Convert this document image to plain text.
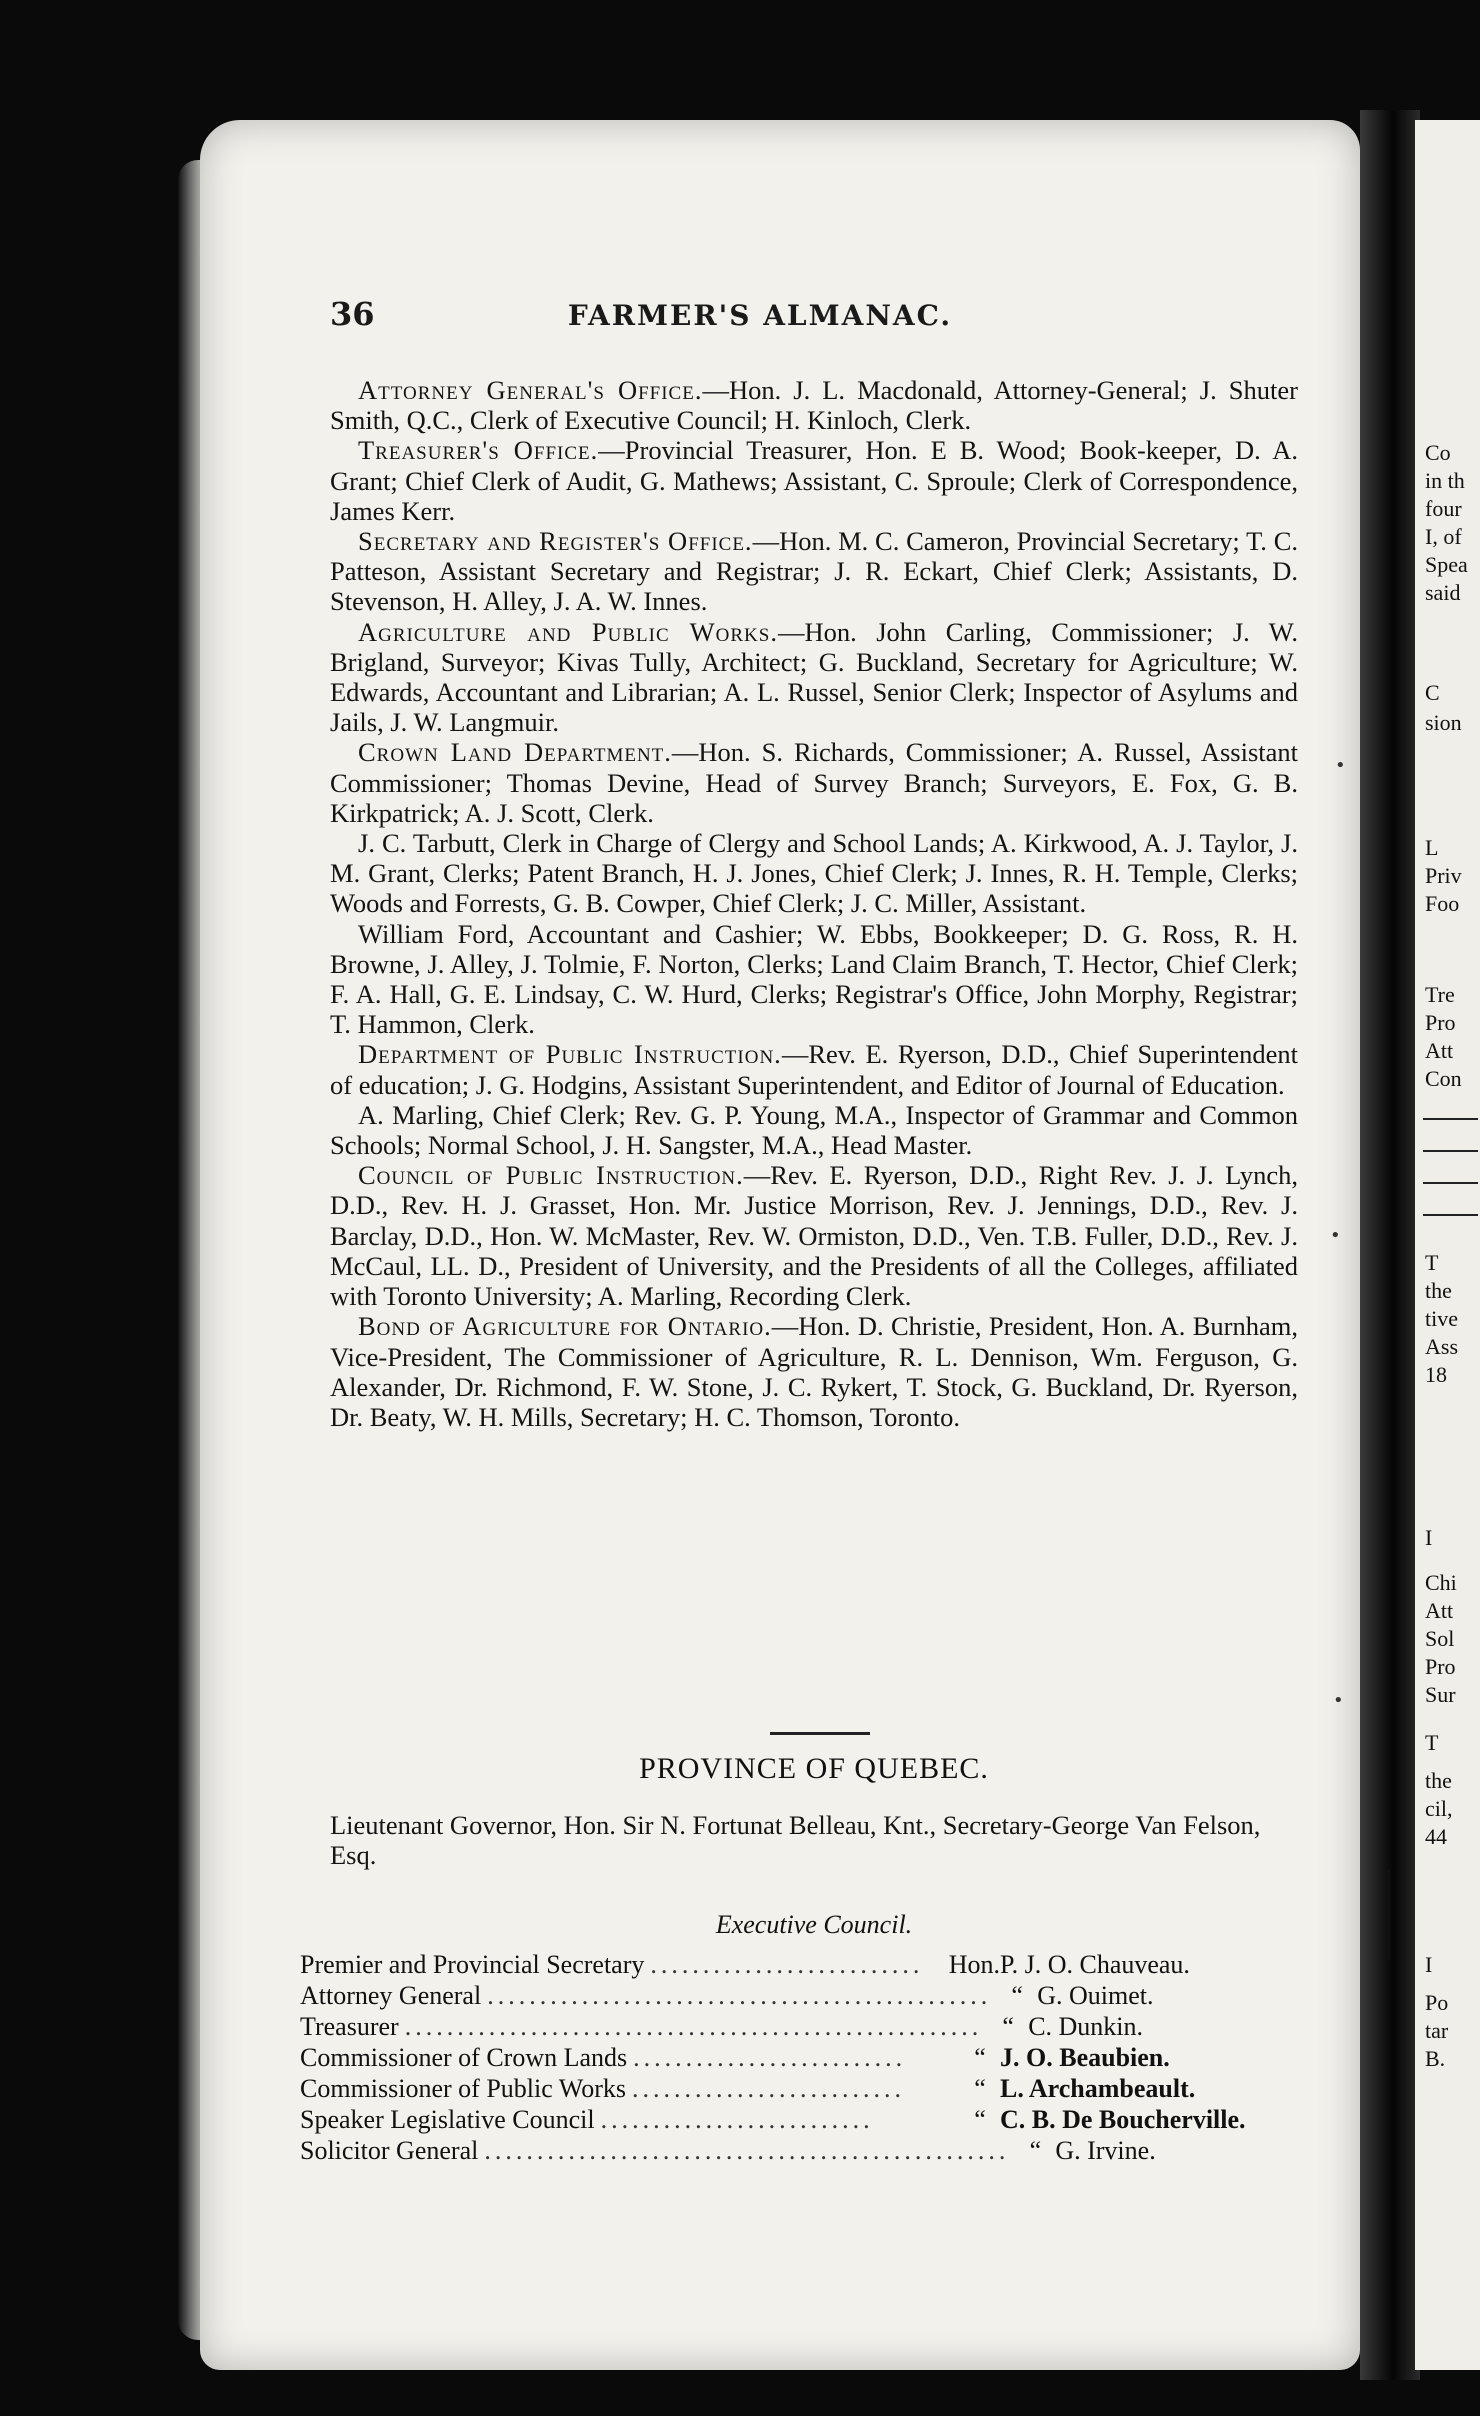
36	FARMER'S ALMANAC.

Attorney General's Office.—Hon. J. L. Macdonald, Attorney-General; J. Shuter Smith, Q.C., Clerk of Executive Council; H. Kinloch, Clerk.

Treasurer's Office.—Provincial Treasurer, Hon. E B. Wood; Book-keeper, D. A. Grant; Chief Clerk of Audit, G. Mathews; Assistant, C. Sproule; Clerk of Correspondence, James Kerr.

Secretary and Register's Office.—Hon. M. C. Cameron, Provincial Secretary; T. C. Patteson, Assistant Secretary and Registrar; J. R. Eckart, Chief Clerk; Assistants, D. Stevenson, H. Alley, J. A. W. Innes.

Agriculture and Public Works.—Hon. John Carling, Commissioner; J. W. Brigland, Surveyor; Kivas Tully, Architect; G. Buckland, Secretary for Agriculture; W. Edwards, Accountant and Librarian; A. L. Russel, Senior Clerk; Inspector of Asylums and Jails, J. W. Langmuir.

Crown Land Department.—Hon. S. Richards, Commissioner; A. Russel, Assistant Commissioner; Thomas Devine, Head of Survey Branch; Surveyors, E. Fox, G. B. Kirkpatrick; A. J. Scott, Clerk.

J. C. Tarbutt, Clerk in Charge of Clergy and School Lands; A. Kirkwood, A. J. Taylor, J. M. Grant, Clerks; Patent Branch, H. J. Jones, Chief Clerk; J. Innes, R. H. Temple, Clerks; Woods and Forrests, G. B. Cowper, Chief Clerk; J. C. Miller, Assistant.

William Ford, Accountant and Cashier; W. Ebbs, Bookkeeper; D. G. Ross, R. H. Browne, J. Alley, J. Tolmie, F. Norton, Clerks; Land Claim Branch, T. Hector, Chief Clerk; F. A. Hall, G. E. Lindsay, C. W. Hurd, Clerks; Registrar's Office, John Morphy, Registrar; T. Hammon, Clerk.

Department of Public Instruction.—Rev. E. Ryerson, D.D., Chief Superintendent of education; J. G. Hodgins, Assistant Superintendent, and Editor of Journal of Education.

A. Marling, Chief Clerk; Rev. G. P. Young, M.A., Inspector of Grammar and Common Schools; Normal School, J. H. Sangster, M.A., Head Master.

Council of Public Instruction.—Rev. E. Ryerson, D.D., Right Rev. J. J. Lynch, D.D., Rev. H. J. Grasset, Hon. Mr. Justice Morrison, Rev. J. Jennings, D.D., Rev. J. Barclay, D.D., Hon. W. McMaster, Rev. W. Ormiston, D.D., Ven. T.B. Fuller, D.D., Rev. J. McCaul, LL. D., President of University, and the Presidents of all the Colleges, affiliated with Toronto University; A. Marling, Recording Clerk.

Bond of Agriculture for Ontario.—Hon. D. Christie, President, Hon. A. Burnham, Vice-President, The Commissioner of Agriculture, R. L. Dennison, Wm. Ferguson, G. Alexander, Dr. Richmond, F. W. Stone, J. C. Rykert, T. Stock, G. Buckland, Dr. Ryerson, Dr. Beaty, W. H. Mills, Secretary; H. C. Thomson, Toronto.

PROVINCE OF QUEBEC.
Lieutenant Governor, Hon. Sir N. Fortunat Belleau, Knt., Secretary-George Van Felson, Esq.
Executive Council.
Premier and Provincial Secretary .......................... Hon. P. J. O. Chauveau.
Attorney General ................................................ “ G. Ouimet.
Treasurer ....................................................... “ C. Dunkin.
Commissioner of Crown Lands ..........................	“ J. O. Beaubien.
Commissioner of Public Works ..........................	“ L. Archambeault.
Speaker Legislative Council ..........................	“ C. B. De Boucherville.
Solicitor General .................................................. “ G. Irvine.
•
•
•
Co
in th
four
I, of
Spea
said
C
sion
L
Priv
Foo
Tre
Pro
Att
Con
T
the
tive
Ass
18
I
Chi
Att
Sol
Pro
Sur
T
the
cil,
44
I
Po
tar
B.
